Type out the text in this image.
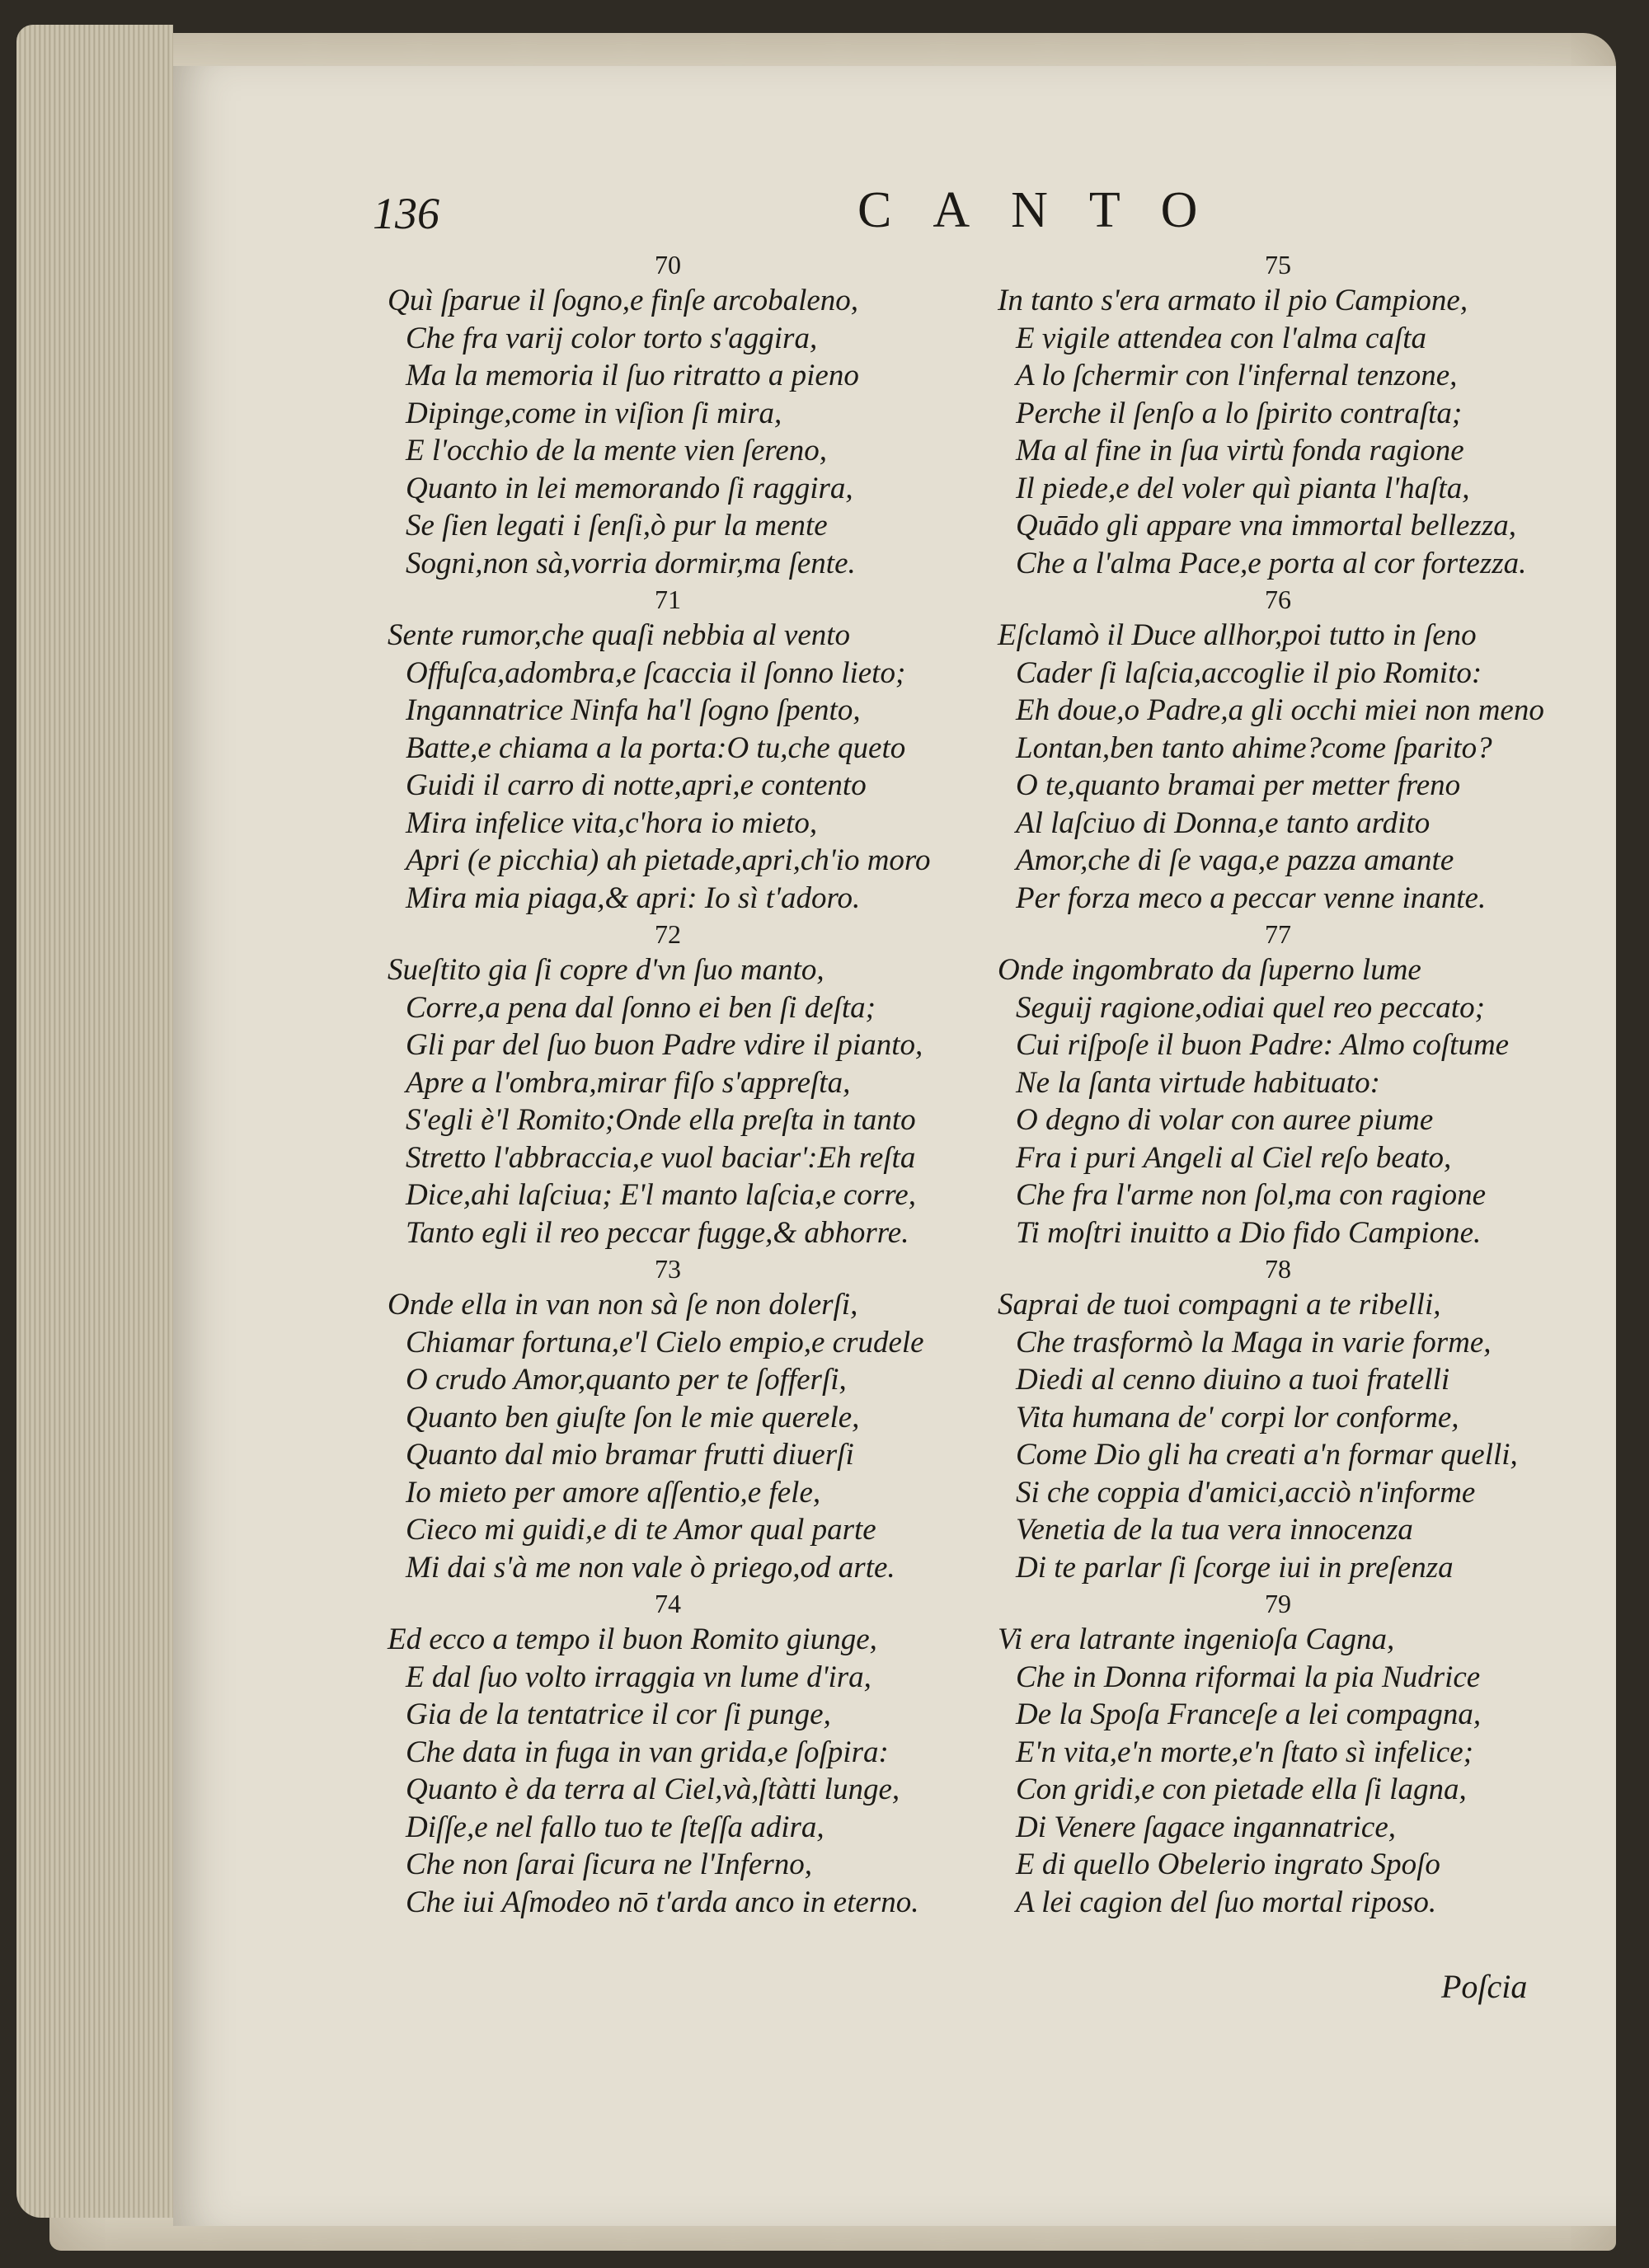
136	CANTO
70
Quì ſparue il ſogno,e finſe arcobaleno,
Che fra varij color torto s'aggira,
Ma la memoria il ſuo ritratto a pieno
Dipinge,come in viſion ſi mira,
E l'occhio de la mente vien ſereno,
Quanto in lei memorando ſi raggira,
Se ſien legati i ſenſi,ò pur la mente
Sogni,non sà,vorria dormir,ma ſente.
71
Sente rumor,che quaſi nebbia al vento
Offuſca,adombra,e ſcaccia il ſonno lieto;
Ingannatrice Ninfa ha'l ſogno ſpento,
Batte,e chiama a la porta:O tu,che queto
Guidi il carro di notte,apri,e contento
Mira infelice vita,c'hora io mieto,
Apri (e picchia) ah pietade,apri,ch'io moro
Mira mia piaga,& apri: Io sì t'adoro.
72
Sueſtito gia ſi copre d'vn ſuo manto,
Corre,a pena dal ſonno ei ben ſi deſta;
Gli par del ſuo buon Padre vdire il pianto,
Apre a l'ombra,mirar fiſo s'appreſta,
S'egli è'l Romito;Onde ella preſta in tanto
Stretto l'abbraccia,e vuol baciar':Eh reſta
Dice,ahi laſciua; E'l manto laſcia,e corre,
Tanto egli il reo peccar fugge,& abhorre.
73
Onde ella in van non sà ſe non dolerſi,
Chiamar fortuna,e'l Cielo empio,e crudele
O crudo Amor,quanto per te ſofferſi,
Quanto ben giuſte ſon le mie querele,
Quanto dal mio bramar frutti diuerſi
Io mieto per amore aſſentio,e fele,
Cieco mi guidi,e di te Amor qual parte
Mi dai s'à me non vale ò priego,od arte.
74
Ed ecco a tempo il buon Romito giunge,
E dal ſuo volto irraggia vn lume d'ira,
Gia de la tentatrice il cor ſi punge,
Che data in fuga in van grida,e ſoſpira:
Quanto è da terra al Ciel,và,ſtàtti lunge,
Diſſe,e nel fallo tuo te ſteſſa adira,
Che non ſarai ſicura ne l'Inferno,
Che iui Aſmodeo nō t'arda anco in eterno.
75
In tanto s'era armato il pio Campione,
E vigile attendea con l'alma caſta
A lo ſchermir con l'infernal tenzone,
Perche il ſenſo a lo ſpirito contraſta;
Ma al fine in ſua virtù fonda ragione
Il piede,e del voler quì pianta l'haſta,
Quādo gli appare vna immortal bellezza,
Che a l'alma Pace,e porta al cor fortezza.
76
Eſclamò il Duce allhor,poi tutto in ſeno
Cader ſi laſcia,accoglie il pio Romito:
Eh doue,o Padre,a gli occhi miei non meno
Lontan,ben tanto ahime?come ſparito?
O te,quanto bramai per metter freno
Al laſciuo di Donna,e tanto ardito
Amor,che di ſe vaga,e pazza amante
Per forza meco a peccar venne inante.
77
Onde ingombrato da ſuperno lume
Seguij ragione,odiai quel reo peccato;
Cui riſpoſe il buon Padre: Almo coſtume
Ne la ſanta virtude habituato:
O degno di volar con auree piume
Fra i puri Angeli al Ciel reſo beato,
Che fra l'arme non ſol,ma con ragione
Ti moſtri inuitto a Dio fido Campione.
78
Saprai de tuoi compagni a te ribelli,
Che trasformò la Maga in varie forme,
Diedi al cenno diuino a tuoi fratelli
Vita humana de' corpi lor conforme,
Come Dio gli ha creati a'n formar quelli,
Si che coppia d'amici,acciò n'informe
Venetia de la tua vera innocenza
Di te parlar ſi ſcorge iui in preſenza
79
Vi era latrante ingenioſa Cagna,
Che in Donna riformai la pia Nudrice
De la Spoſa Franceſe a lei compagna,
E'n vita,e'n morte,e'n ſtato sì infelice;
Con gridi,e con pietade ella ſi lagna,
Di Venere ſagace ingannatrice,
E di quello Obelerio ingrato Spoſo
A lei cagion del ſuo mortal riposo.
Poſcia
